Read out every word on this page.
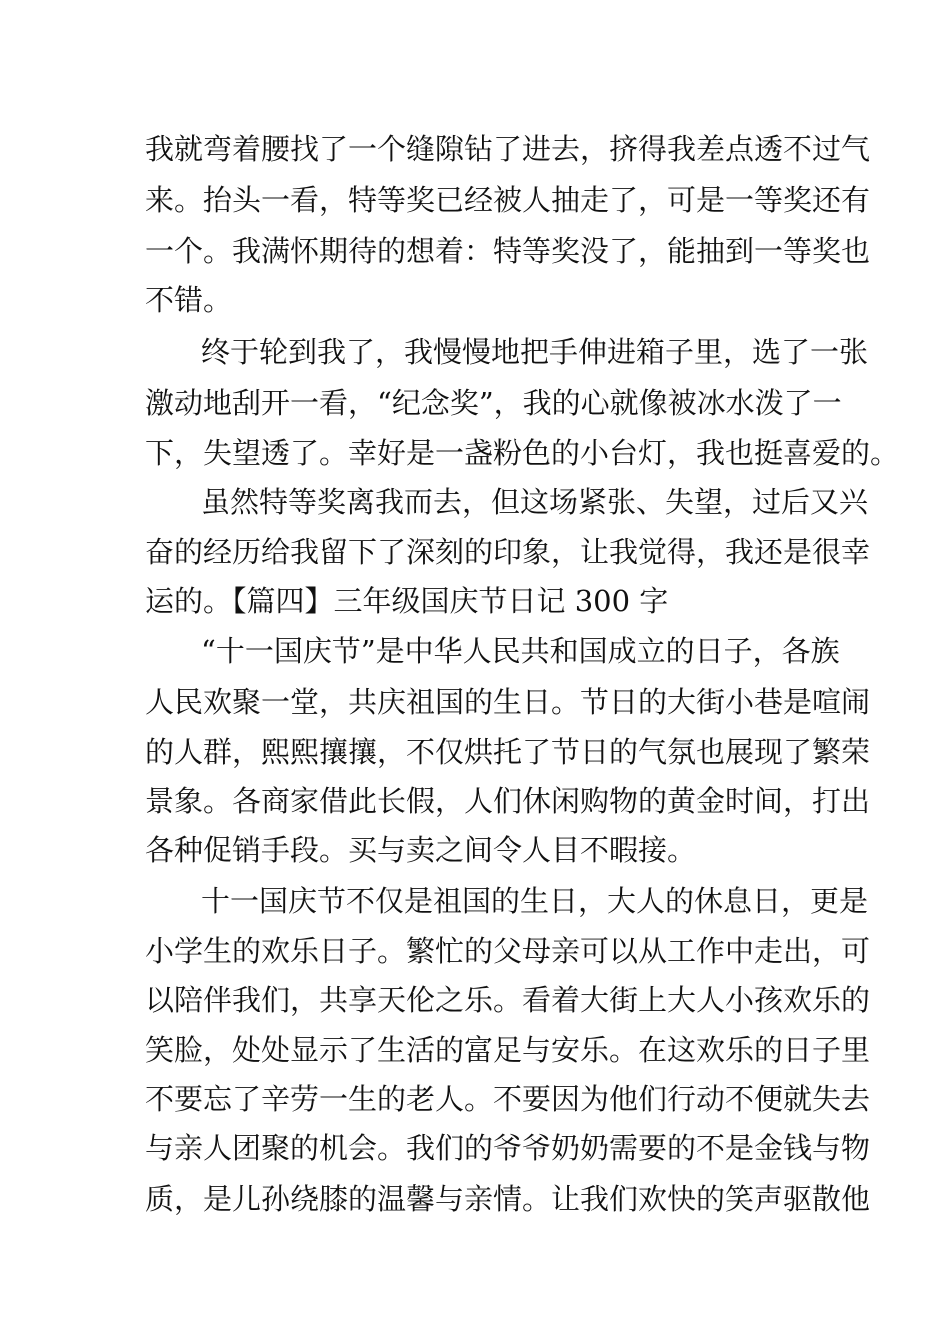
我就弯着腰找了一个缝隙钻了进去，挤得我差点透不过气
来。抬头一看，特等奖已经被人抽走了，可是一等奖还有
一个。我满怀期待的想着：特等奖没了，能抽到一等奖也
不错。
终于轮到我了，我慢慢地把手伸进箱子里，选了一张
激动地刮开一看，“纪念奖”，我的心就像被冰水泼了一
下，失望透了。幸好是一盏粉色的小台灯，我也挺喜爱的。
虽然特等奖离我而去，但这场紧张、失望，过后又兴
奋的经历给我留下了深刻的印象，让我觉得，我还是很幸
运的。【篇四】三年级国庆节日记 300 字
“十一国庆节”是中华人民共和国成立的日子，各族
人民欢聚一堂，共庆祖国的生日。节日的大街小巷是喧闹
的人群，熙熙攘攘，不仅烘托了节日的气氛也展现了繁荣
景象。各商家借此长假，人们休闲购物的黄金时间，打出
各种促销手段。买与卖之间令人目不暇接。
十一国庆节不仅是祖国的生日，大人的休息日，更是
小学生的欢乐日子。繁忙的父母亲可以从工作中走出，可
以陪伴我们，共享天伦之乐。看着大街上大人小孩欢乐的
笑脸，处处显示了生活的富足与安乐。在这欢乐的日子里
不要忘了辛劳一生的老人。不要因为他们行动不便就失去
与亲人团聚的机会。我们的爷爷奶奶需要的不是金钱与物
质，是儿孙绕膝的温馨与亲情。让我们欢快的笑声驱散他
